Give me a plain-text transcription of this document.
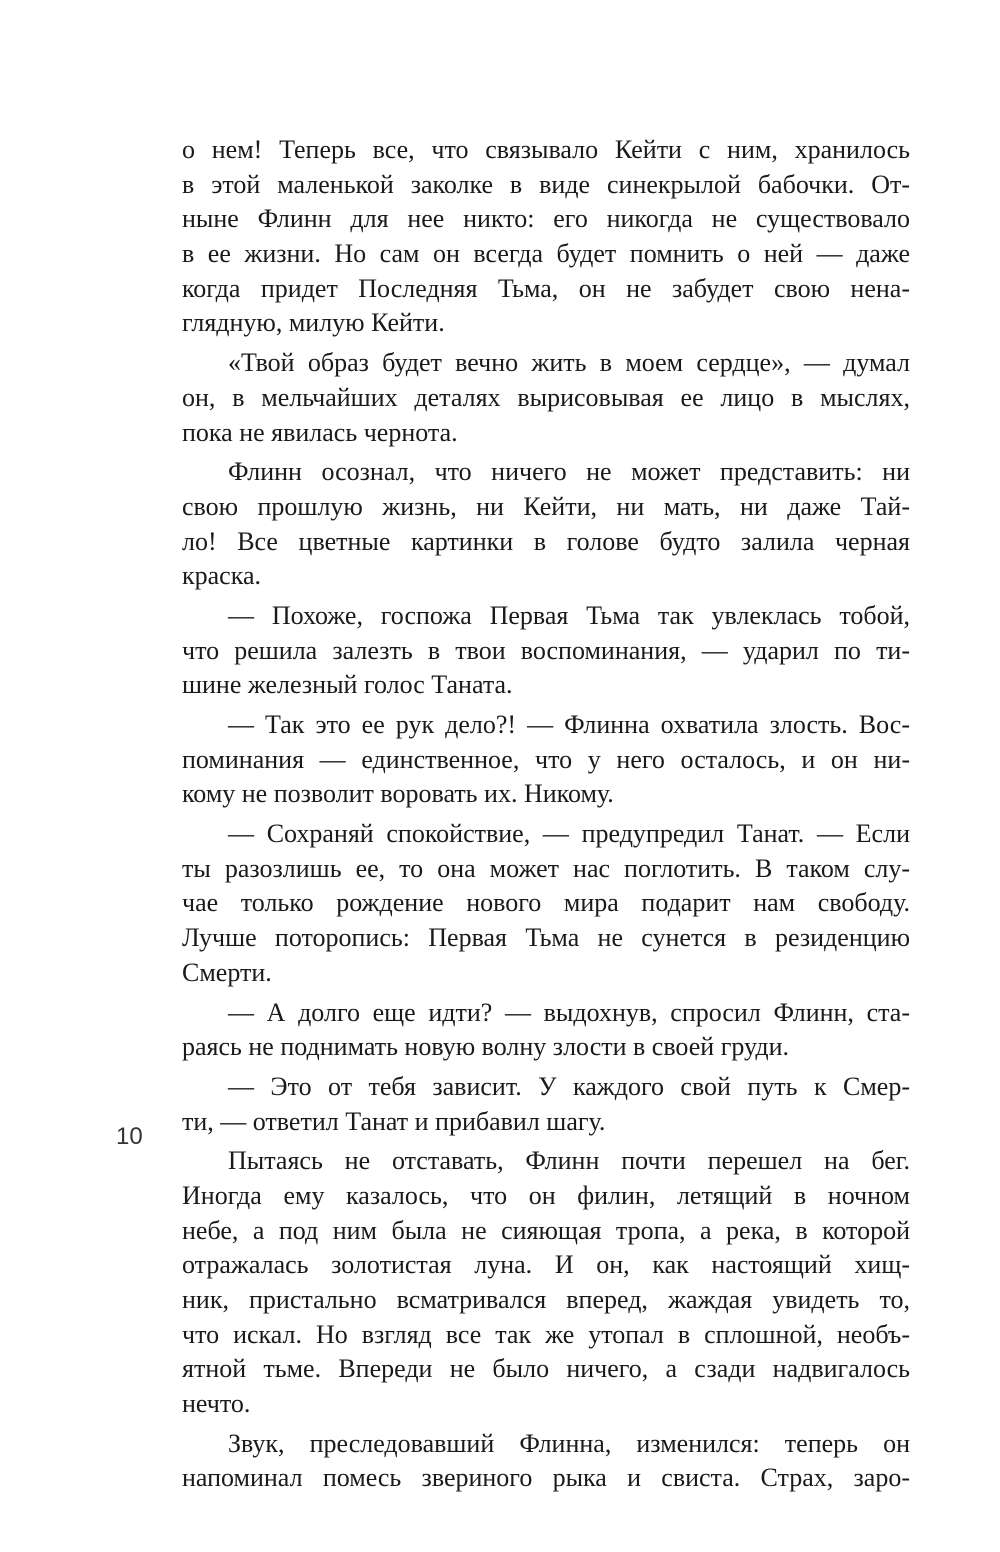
о нем! Теперь все, что связывало Кейти с ним, хранилось
в этой маленькой заколке в виде синекрылой бабочки. От-
ныне Флинн для нее никто: его никогда не существовало
в ее жизни. Но сам он всегда будет помнить о ней — даже
когда придет Последняя Тьма, он не забудет свою нена-
глядную, милую Кейти.

«Твой образ будет вечно жить в моем сердце», — думал
он, в мельчайших деталях вырисовывая ее лицо в мыслях,
пока не явилась чернота.

Флинн осознал, что ничего не может представить: ни
свою прошлую жизнь, ни Кейти, ни мать, ни даже Тай-
ло! Все цветные картинки в голове будто залила черная
краска.

— Похоже, госпожа Первая Тьма так увлеклась тобой,
что решила залезть в твои воспоминания, — ударил по ти-
шине железный голос Таната.

— Так это ее рук дело?! — Флинна охватила злость. Вос-
поминания — единственное, что у него осталось, и он ни-
кому не позволит воровать их. Никому.

— Сохраняй спокойствие, — предупредил Танат. — Если
ты разозлишь ее, то она может нас поглотить. В таком слу-
чае только рождение нового мира подарит нам свободу.
Лучше поторопись: Первая Тьма не сунется в резиденцию
Смерти.

— А долго еще идти? — выдохнув, спросил Флинн, ста-
раясь не поднимать новую волну злости в своей груди.

— Это от тебя зависит. У каждого свой путь к Смер-
ти, — ответил Танат и прибавил шагу.

Пытаясь не отставать, Флинн почти перешел на бег.
Иногда ему казалось, что он филин, летящий в ночном
небе, а под ним была не сияющая тропа, а река, в которой
отражалась золотистая луна. И он, как настоящий хищ-
ник, пристально всматривался вперед, жаждая увидеть то,
что искал. Но взгляд все так же утопал в сплошной, необъ-
ятной тьме. Впереди не было ничего, а сзади надвигалось
нечто.

Звук, преследовавший Флинна, изменился: теперь он
напоминал помесь звериного рыка и свиста. Страх, заро-

10
